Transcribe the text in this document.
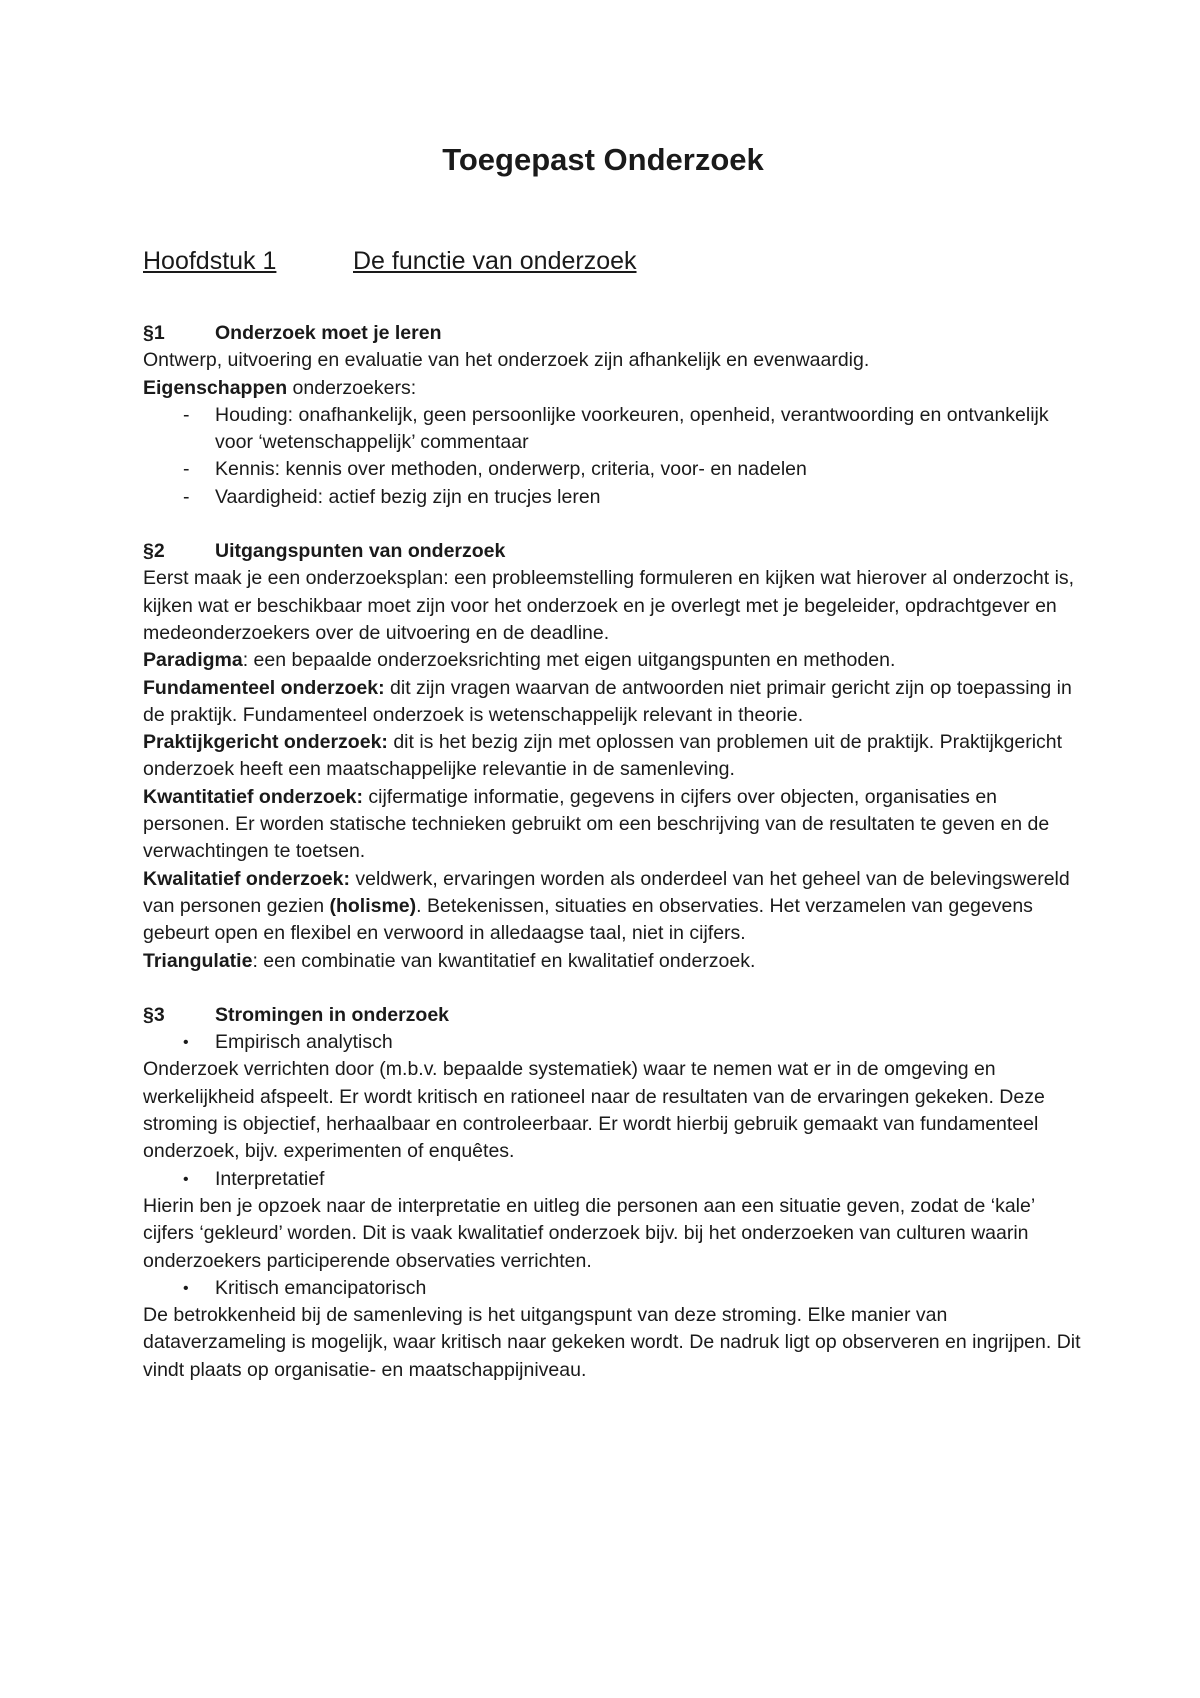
Toegepast Onderzoek
Hoofdstuk 1	De functie van onderzoek
§1	Onderzoek moet je leren

Ontwerp, uitvoering en evaluatie van het onderzoek zijn afhankelijk en evenwaardig.

Eigenschappen onderzoekers:

- Houding: onafhankelijk, geen persoonlijke voorkeuren, openheid, verantwoording en ontvankelijk voor ‘wetenschappelijk’ commentaar
- Kennis: kennis over methoden, onderwerp, criteria, voor- en nadelen
- Vaardigheid: actief bezig zijn en trucjes leren
§2	Uitgangspunten van onderzoek

Eerst maak je een onderzoeksplan: een probleemstelling formuleren en kijken wat hierover al onderzocht is, kijken wat er beschikbaar moet zijn voor het onderzoek en je overlegt met je begeleider, opdrachtgever en medeonderzoekers over de uitvoering en de deadline.

Paradigma: een bepaalde onderzoeksrichting met eigen uitgangspunten en methoden.

Fundamenteel onderzoek: dit zijn vragen waarvan de antwoorden niet primair gericht zijn op toepassing in de praktijk. Fundamenteel onderzoek is wetenschappelijk relevant in theorie.

Praktijkgericht onderzoek: dit is het bezig zijn met oplossen van problemen uit de praktijk. Praktijkgericht onderzoek heeft een maatschappelijke relevantie in de samenleving.

Kwantitatief onderzoek: cijfermatige informatie, gegevens in cijfers over objecten, organisaties en personen. Er worden statische technieken gebruikt om een beschrijving van de resultaten te geven en de verwachtingen te toetsen.

Kwalitatief onderzoek: veldwerk, ervaringen worden als onderdeel van het geheel van de belevingswereld van personen gezien (holisme). Betekenissen, situaties en observaties. Het verzamelen van gegevens gebeurt open en flexibel en verwoord in alledaagse taal, niet in cijfers.

Triangulatie: een combinatie van kwantitatief en kwalitatief onderzoek.

§3	Stromingen in onderzoek
• Empirisch analytisch

Onderzoek verrichten door (m.b.v. bepaalde systematiek) waar te nemen wat er in de omgeving en werkelijkheid afspeelt. Er wordt kritisch en rationeel naar de resultaten van de ervaringen gekeken. Deze stroming is objectief, herhaalbaar en controleerbaar. Er wordt hierbij gebruik gemaakt van fundamenteel onderzoek, bijv. experimenten of enquêtes.

• Interpretatief

Hierin ben je opzoek naar de interpretatie en uitleg die personen aan een situatie geven, zodat de ‘kale’ cijfers ‘gekleurd’ worden. Dit is vaak kwalitatief onderzoek bijv. bij het onderzoeken van culturen waarin onderzoekers participerende observaties verrichten.

• Kritisch emancipatorisch

De betrokkenheid bij de samenleving is het uitgangspunt van deze stroming. Elke manier van dataverzameling is mogelijk, waar kritisch naar gekeken wordt. De nadruk ligt op observeren en ingrijpen. Dit vindt plaats op organisatie- en maatschappijniveau.
